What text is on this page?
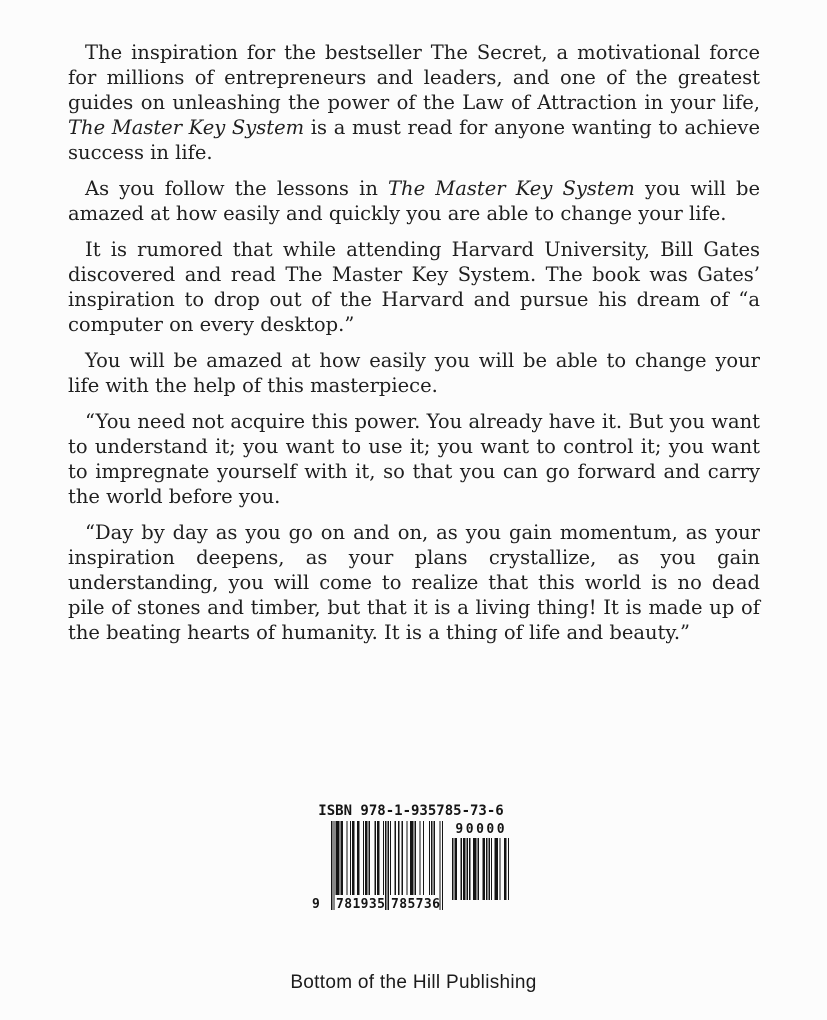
The inspiration for the bestseller The Secret, a motivational force for millions of entrepreneurs and leaders, and one of the greatest guides on unleashing the power of the Law of Attraction in your life, The Master Key System is a must read for anyone wanting to achieve success in life.

As you follow the lessons in The Master Key System you will be amazed at how easily and quickly you are able to change your life.

It is rumored that while attending Harvard University, Bill Gates discovered and read The Master Key System. The book was Gates’ inspiration to drop out of the Harvard and pursue his dream of “a computer on every desktop.”

You will be amazed at how easily you will be able to change your life with the help of this masterpiece.

“You need not acquire this power. You already have it. But you want to understand it; you want to use it; you want to control it; you want to impregnate yourself with it, so that you can go forward and carry the world before you.

“Day by day as you go on and on, as you gain momentum, as your inspiration deepens, as your plans crystallize, as you gain understanding, you will come to realize that this world is no dead pile of stones and timber, but that it is a living thing! It is made up of the beating hearts of humanity. It is a thing of life and beauty.”

ISBN 978-1-935785-73-6
9 781935 785736
90000
Bottom of the Hill Publishing
